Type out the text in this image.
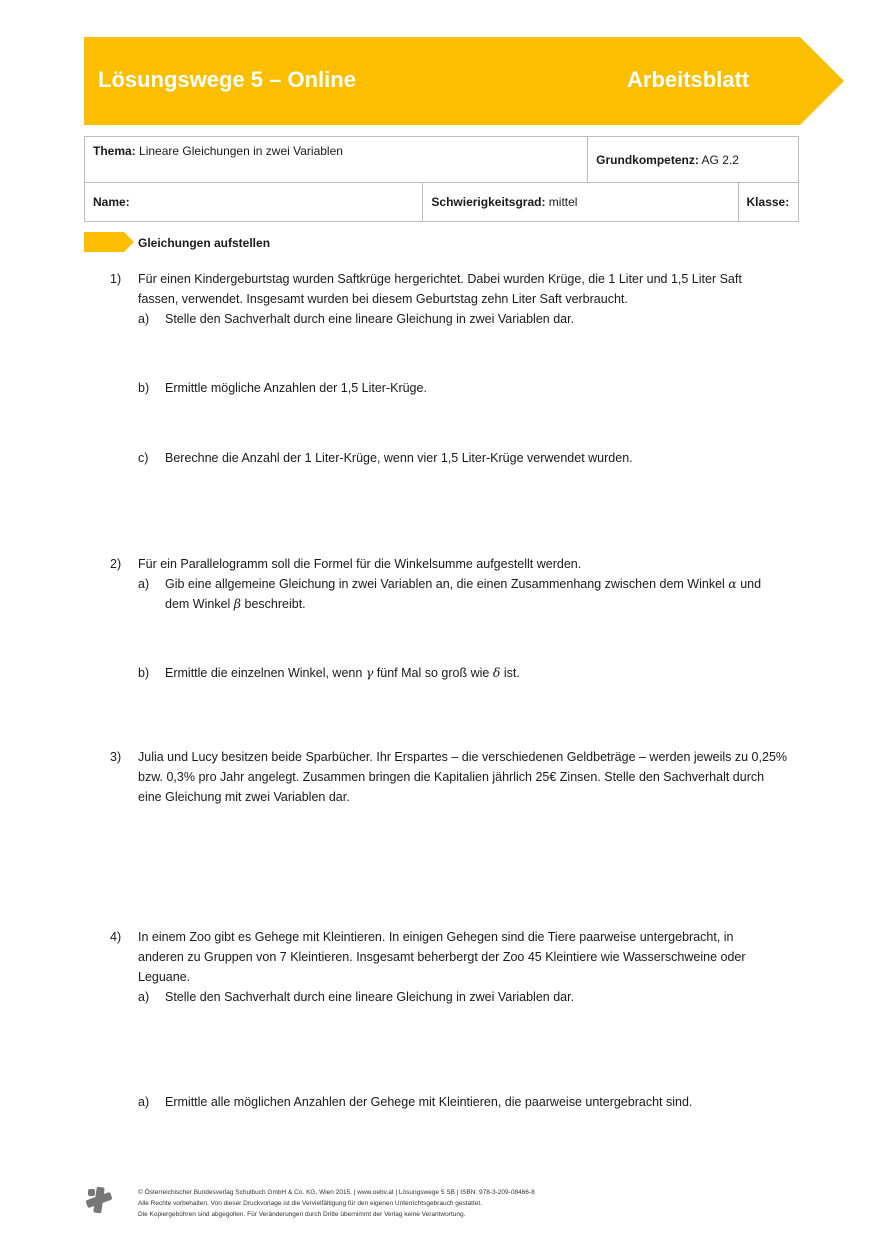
Lösungswege 5 – Online	Arbeitsblatt
Thema: Lineare Gleichungen in zwei Variablen		Grundkompetenz: AG 2.2	
Name:	Schwierigkeitsgrad: mittel		Klasse:
Gleichungen aufstellen
1) Für einen Kindergeburtstag wurden Saftkrüge hergerichtet. Dabei wurden Krüge, die 1 Liter und 1,5 Liter Saft
fassen, verwendet. Insgesamt wurden bei diesem Geburtstag zehn Liter Saft verbraucht.
a) Stelle den Sachverhalt durch eine lineare Gleichung in zwei Variablen dar.
b) Ermittle mögliche Anzahlen der 1,5 Liter-Krüge.
c) Berechne die Anzahl der 1 Liter-Krüge, wenn vier 1,5 Liter-Krüge verwendet wurden.
2) Für ein Parallelogramm soll die Formel für die Winkelsumme aufgestellt werden.
a) Gib eine allgemeine Gleichung in zwei Variablen an, die einen Zusammenhang zwischen dem Winkel α und
dem Winkel β beschreibt.
b) Ermittle die einzelnen Winkel, wenn γ fünf Mal so groß wie δ ist.
3) Julia und Lucy besitzen beide Sparbücher. Ihr Erspartes – die verschiedenen Geldbeträge – werden jeweils zu 0,25%
bzw. 0,3% pro Jahr angelegt. Zusammen bringen die Kapitalien jährlich 25€ Zinsen. Stelle den Sachverhalt durch
eine Gleichung mit zwei Variablen dar.
4) In einem Zoo gibt es Gehege mit Kleintieren. In einigen Gehegen sind die Tiere paarweise untergebracht, in
anderen zu Gruppen von 7 Kleintieren. Insgesamt beherbergt der Zoo 45 Kleintiere wie Wasserschweine oder
Leguane.
a) Stelle den Sachverhalt durch eine lineare Gleichung in zwei Variablen dar.
a) Ermittle alle möglichen Anzahlen der Gehege mit Kleintieren, die paarweise untergebracht sind.
© Österreichischer Bundesverlag Schulbuch GmbH & Co. KG, Wien 2015. | www.oebv.at | Lösungswege 5 SB | ISBN: 978-3-209-08466-8
Alle Rechte vorbehalten. Von dieser Druckvorlage ist die Vervielfältigung für den eigenen Unterrichtsgebrauch gestattet.
Die Kopiergebühren sind abgegolten. Für Veränderungen durch Dritte übernimmt der Verlag keine Verantwortung.
